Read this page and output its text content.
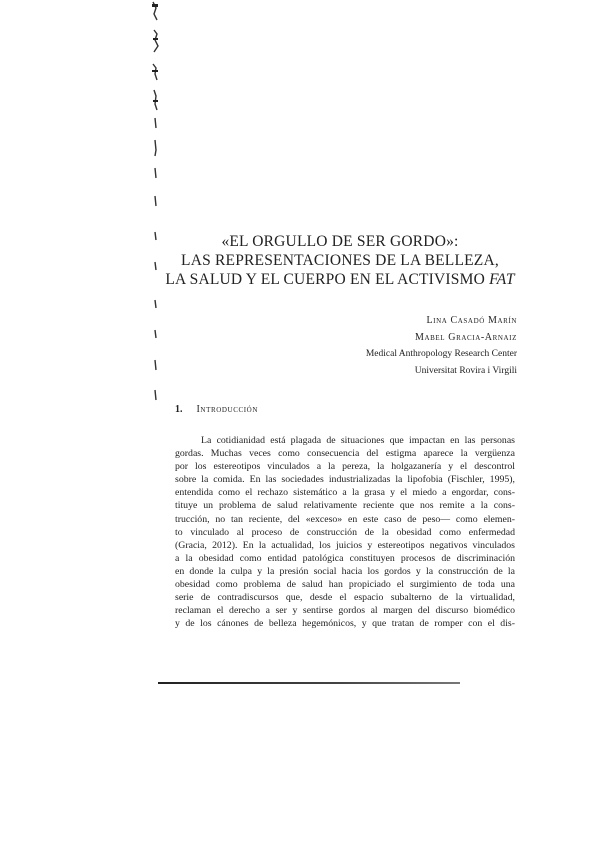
«EL ORGULLO DE SER GORDO»:
LAS REPRESENTACIONES DE LA BELLEZA,
LA SALUD Y EL CUERPO EN EL ACTIVISMO FAT
Lina Casadó Marín
Mabel Gracia-Arnaiz
Medical Anthropology Research Center
Universitat Rovira i Virgili
1. Introducción
La cotidianidad está plagada de situaciones que impactan en las personas
gordas. Muchas veces como consecuencia del estigma aparece la vergüenza
por los estereotipos vinculados a la pereza, la holgazanería y el descontrol
sobre la comida. En las sociedades industrializadas la lipofobia (Fischler, 1995),
entendida como el rechazo sistemático a la grasa y el miedo a engordar, cons-
tituye un problema de salud relativamente reciente que nos remite a la cons-
trucción, no tan reciente, del «exceso» en este caso de peso— como elemen-
to vinculado al proceso de construcción de la obesidad como enfermedad
(Gracia, 2012). En la actualidad, los juicios y estereotipos negativos vinculados
a la obesidad como entidad patológica constituyen procesos de discriminación
en donde la culpa y la presión social hacia los gordos y la construcción de la
obesidad como problema de salud han propiciado el surgimiento de toda una
serie de contradiscursos que, desde el espacio subalterno de la virtualidad,
reclaman el derecho a ser y sentirse gordos al margen del discurso biomédico
y de los cánones de belleza hegemónicos, y que tratan de romper con el dis-
